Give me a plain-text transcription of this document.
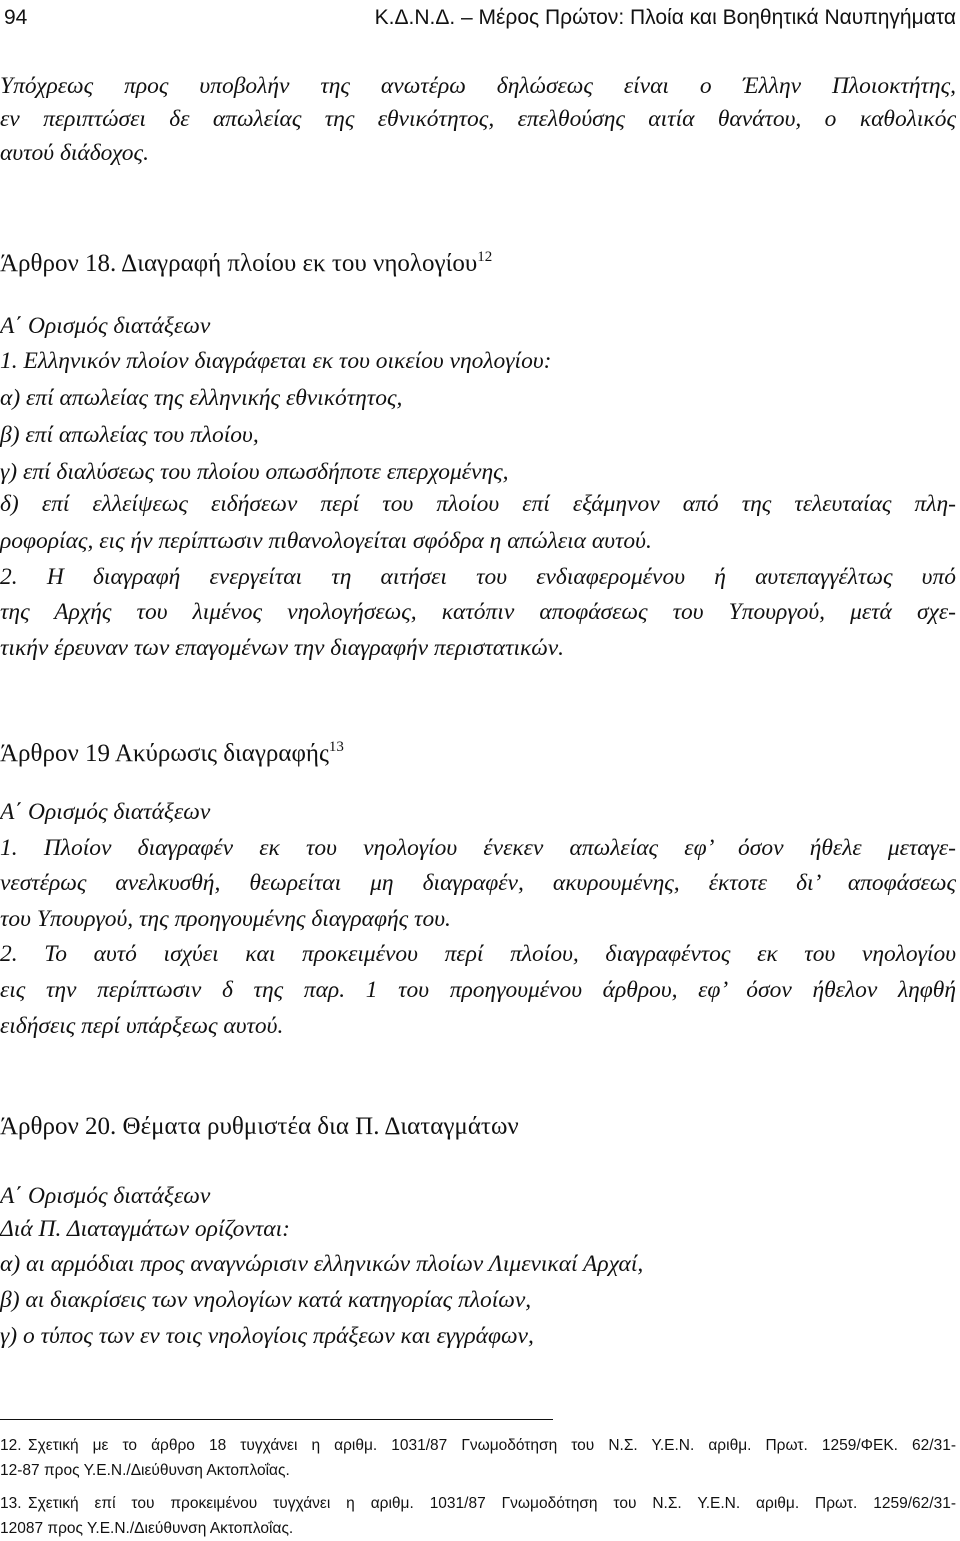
94	Κ.Δ.Ν.Δ. – Μέρος Πρώτον: Πλοία και Βοηθητικά Ναυπηγήματα
Υπόχρεως προς υποβολήν της ανωτέρω δηλώσεως είναι ο Έλλην Πλοιοκτήτης,
εν περιπτώσει δε απωλείας της εθνικότητος, επελθούσης αιτία θανάτου, ο καθολικός
αυτού διάδοχος.
Άρθρον 18. Διαγραφή πλοίου εκ του νηολογίου$^{12}$
Α΄ Ορισμός διατάξεων
1. Ελληνικόν πλοίον διαγράφεται εκ του οικείου νηολογίου:
α) επί απωλείας της ελληνικής εθνικότητος,
β) επί απωλείας του πλοίου,
γ) επί διαλύσεως του πλοίου οπωσδήποτε επερχομένης,
δ) επί ελλείψεως ειδήσεων περί του πλοίου επί εξάμηνον από της τελευταίας πλη-
ροφορίας, εις ήν περίπτωσιν πιθανολογείται σφόδρα η απώλεια αυτού.
2. Η διαγραφή ενεργείται τη αιτήσει του ενδιαφερομένου ή αυτεπαγγέλτως υπό
της Αρχής του λιμένος νηολογήσεως, κατόπιν αποφάσεως του Υπουργού, μετά σχε-
τικήν έρευναν των επαγομένων την διαγραφήν περιστατικών.
Άρθρον 19 Ακύρωσις διαγραφής$^{13}$
Α΄ Ορισμός διατάξεων
1. Πλοίον διαγραφέν εκ του νηολογίου ένεκεν απωλείας εφ’ όσον ήθελε μεταγε-
νεστέρως ανελκυσθή, θεωρείται μη διαγραφέν, ακυρουμένης, έκτοτε δι’ αποφάσεως
του Υπουργού, της προηγουμένης διαγραφής του.
2. Το αυτό ισχύει και προκειμένου περί πλοίου, διαγραφέντος εκ του νηολογίου
εις την περίπτωσιν δ της παρ. 1 του προηγουμένου άρθρου, εφ’ όσον ήθελον ληφθή
ειδήσεις περί υπάρξεως αυτού.
Άρθρον 20. Θέματα ρυθμιστέα δια Π. Διαταγμάτων
Α΄ Ορισμός διατάξεων
Διά Π. Διαταγμάτων ορίζονται:
α) αι αρμόδιαι προς αναγνώρισιν ελληνικών πλοίων Λιμενικαί Αρχαί,
β) αι διακρίσεις των νηολογίων κατά κατηγορίας πλοίων,
γ) ο τύπος των εν τοις νηολογίοις πράξεων και εγγράφων,
12. Σχετική με το άρθρο 18 τυγχάνει η αριθμ. 1031/87 Γνωμοδότηση του Ν.Σ. Υ.Ε.Ν. αριθμ. Πρωτ. 1259/ΦΕΚ. 62/31-
12-87 προς Υ.Ε.Ν./Διεύθυνση Ακτοπλοΐας.
13. Σχετική επί του προκειμένου τυγχάνει η αριθμ. 1031/87 Γνωμοδότηση του Ν.Σ. Υ.Ε.Ν. αριθμ. Πρωτ. 1259/62/31-
12087 προς Υ.Ε.Ν./Διεύθυνση Ακτοπλοΐας.
